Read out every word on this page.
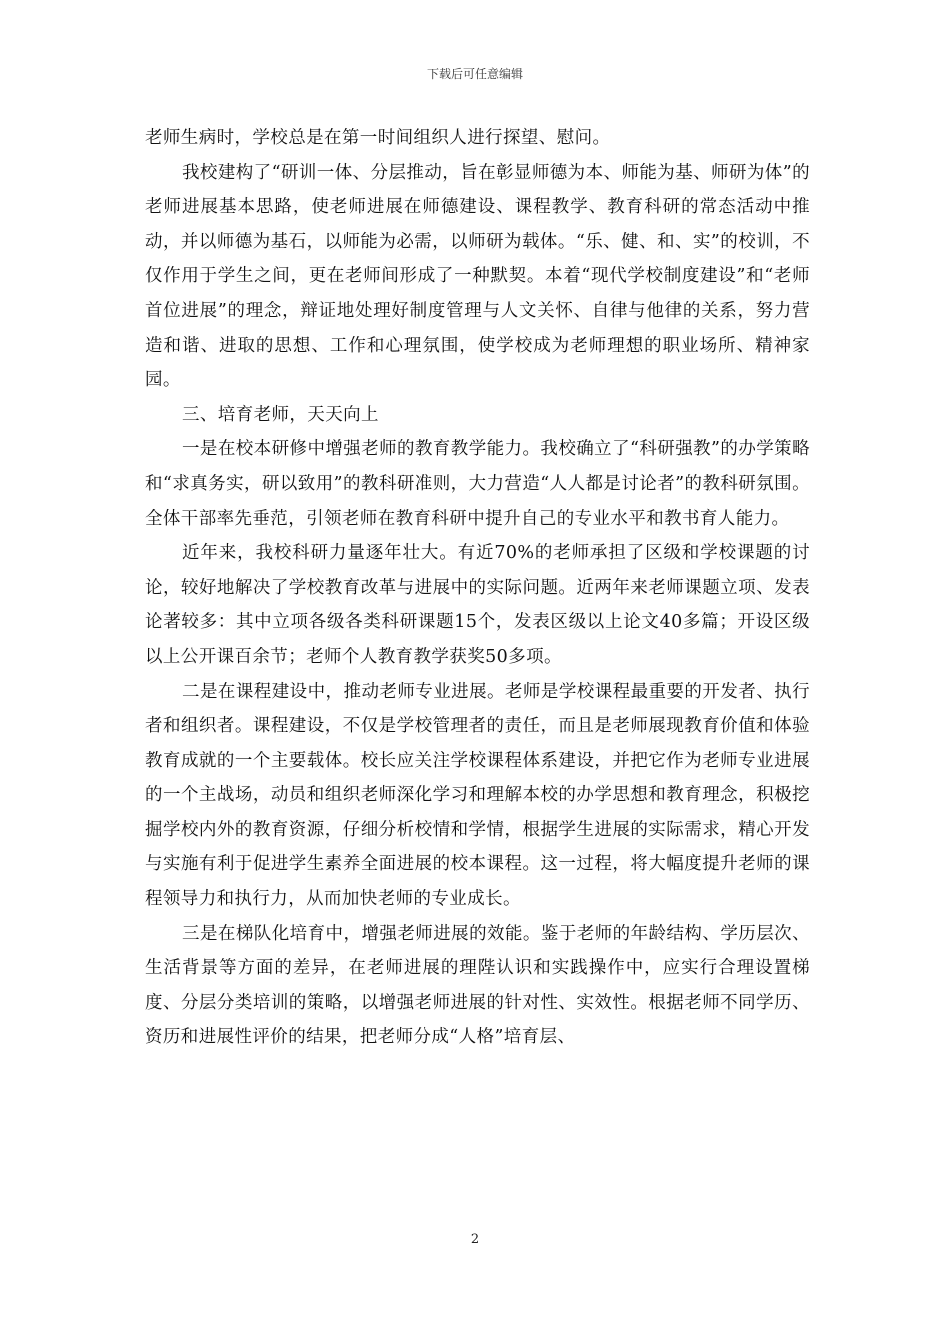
下载后可任意编辑

老师生病时，学校总是在第一时间组织人进行探望、慰问。

我校建构了“研训一体、分层推动，旨在彰显师德为本、师能为基、师研为体”的老师进展基本思路，使老师进展在师德建设、课程教学、教育科研的常态活动中推动，并以师德为基石，以师能为必需，以师研为载体。“乐、健、和、实”的校训，不仅作用于学生之间，更在老师间形成了一种默契。本着“现代学校制度建设”和“老师首位进展”的理念，辩证地处理好制度管理与人文关怀、自律与他律的关系，努力营造和谐、进取的思想、工作和心理氛围，使学校成为老师理想的职业场所、精神家园。

三、培育老师，天天向上

一是在校本研修中增强老师的教育教学能力。我校确立了“科研强教”的办学策略和“求真务实，研以致用”的教科研准则，大力营造“人人都是讨论者”的教科研氛围。全体干部率先垂范，引领老师在教育科研中提升自己的专业水平和教书育人能力。

近年来，我校科研力量逐年壮大。有近70%的老师承担了区级和学校课题的讨论，较好地解决了学校教育改革与进展中的实际问题。近两年来老师课题立项、发表论著较多：其中立项各级各类科研课题15个，发表区级以上论文40多篇；开设区级以上公开课百余节；老师个人教育教学获奖50多项。

二是在课程建设中，推动老师专业进展。老师是学校课程最重要的开发者、执行者和组织者。课程建设，不仅是学校管理者的责任，而且是老师展现教育价值和体验教育成就的一个主要载体。校长应关注学校课程体系建设，并把它作为老师专业进展的一个主战场，动员和组织老师深化学习和理解本校的办学思想和教育理念，积极挖掘学校内外的教育资源，仔细分析校情和学情，根据学生进展的实际需求，精心开发与实施有利于促进学生素养全面进展的校本课程。这一过程，将大幅度提升老师的课程领导力和执行力，从而加快老师的专业成长。

三是在梯队化培育中，增强老师进展的效能。鉴于老师的年龄结构、学历层次、生活背景等方面的差异，在老师进展的理陛认识和实践操作中，应实行合理设置梯度、分层分类培训的策略，以增强老师进展的针对性、实效性。根据老师不同学历、资历和进展性评价的结果，把老师分成“人格”培育层、

2
